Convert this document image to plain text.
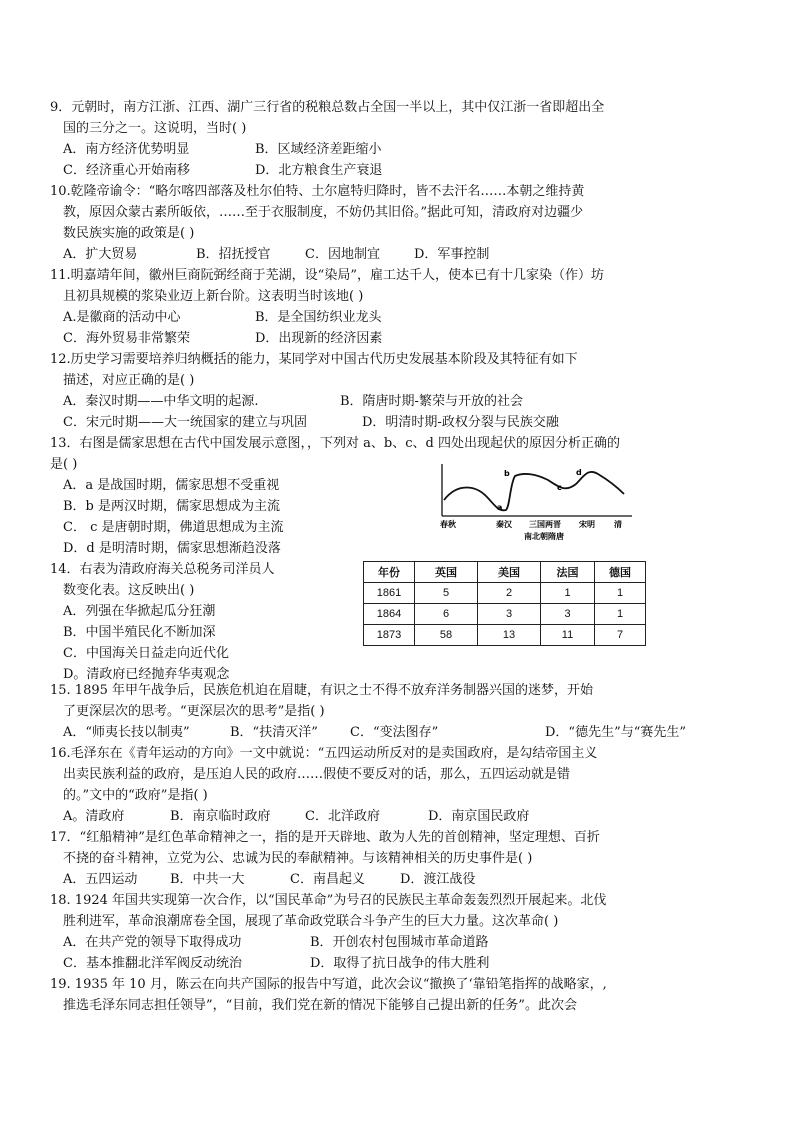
9．元朝时，南方江浙、江西、湖广三行省的税粮总数占全国一半以上，其中仅江浙一省即超出全
国的三分之一。这说明，当时( )
A．南方经济优势明显	B．区域经济差距缩小
C．经济重心开始南移	D．北方粮食生产衰退
10.乾隆帝谕令：“略尔喀四部落及杜尔伯特、土尔扈特归降时，皆不去汗名……本朝之维持黄
教，原因众蒙古素所皈依，……至于衣服制度，不妨仍其旧俗。”据此可知，清政府对边疆少
数民族实施的政策是( )
A．扩大贸易	B．招抚授官	C．因地制宜	D．军事控制
11.明嘉靖年间，徽州巨商阮弼经商于芜湖，设“染局”，雇工达千人，使本已有十几家染（作）坊
且初具规模的浆染业迈上新台阶。这表明当时该地( )
A.是徽商的活动中心	B．是全国纺织业龙头
C．海外贸易非常繁荣	D．出现新的经济因素
12.历史学习需要培养归纳概括的能力，某同学对中国古代历史发展基本阶段及其特征有如下
描述，对应正确的是( )
A．秦汉时期——中华文明的起源.	B．隋唐时期-繁荣与开放的社会
C．宋元时期——大一统国家的建立与巩固	D．明清时期-政权分裂与民族交融
13．右图是儒家思想在古代中国发展示意图，，下列对 a、b、c、d 四处出现起伏的原因分析正确的
是( )
A．a 是战国时期，儒家思想不受重视
B．b 是两汉时期，儒家思想成为主流
C． c 是唐朝时期，佛道思想成为主流
D．d 是明清时期，儒家思想渐趋没落
a
b
c
d
春秋	秦汉 三国两晋 宋明 清
南北朝隋唐
14．右表为清政府海关总税务司洋员人
数变化表。这反映出( )
A．列强在华掀起瓜分狂潮
B．中国半殖民化不断加深
C．中国海关日益走向近代化
D。清政府已经抛弃华夷观念
年份	英国	美国	法国	德国
1861	5	2	1	1
1864	6	3	3	1
1873	58	13	11	7
15. 1895 年甲午战争后，民族危机迫在眉睫，有识之士不得不放弃洋务制器兴国的迷梦，开始
了更深层次的思考。“更深层次的思考”是指( )
A．“师夷长技以制夷”	B．“扶清灭洋” C．“变法图存”	D．“德先生”与“赛先生”
16.毛泽东在《青年运动的方向》一文中就说：“五四运动所反对的是卖国政府，是勾结帝国主义
出卖民族利益的政府，是压迫人民的政府……假使不要反对的话，那么，五四运动就是错
的。”文中的“政府”是指( )
A。清政府	B．南京临时政府	C．北洋政府	D．南京国民政府
17．“红船精神”是红色革命精神之一，指的是开天辟地、敢为人先的首创精神，坚定理想、百折
不挠的奋斗精神，立党为公、忠诚为民的奉献精神。与该精神相关的历史事件是( )
A．五四运动	B．中共一大	C．南昌起义	D．渡江战役
18. 1924 年国共实现第一次合作，以“国民革命”为号召的民族民主革命轰轰烈烈开展起来。北伐
胜利进军，革命浪潮席卷全国，展现了革命政党联合斗争产生的巨大力量。这次革命( )
A．在共产党的领导下取得成功	B．开创农村包围城市革命道路
C．基本推翻北洋军阀反动统治	D．取得了抗日战争的伟大胜利
19. 1935 年 10 月，陈云在向共产国际的报告中写道，此次会议“撤换了‘靠铅笔指挥的战略家，,
推选毛泽东同志担任领导”，“目前，我们党在新的情况下能够自己提出新的任务”。此次会
